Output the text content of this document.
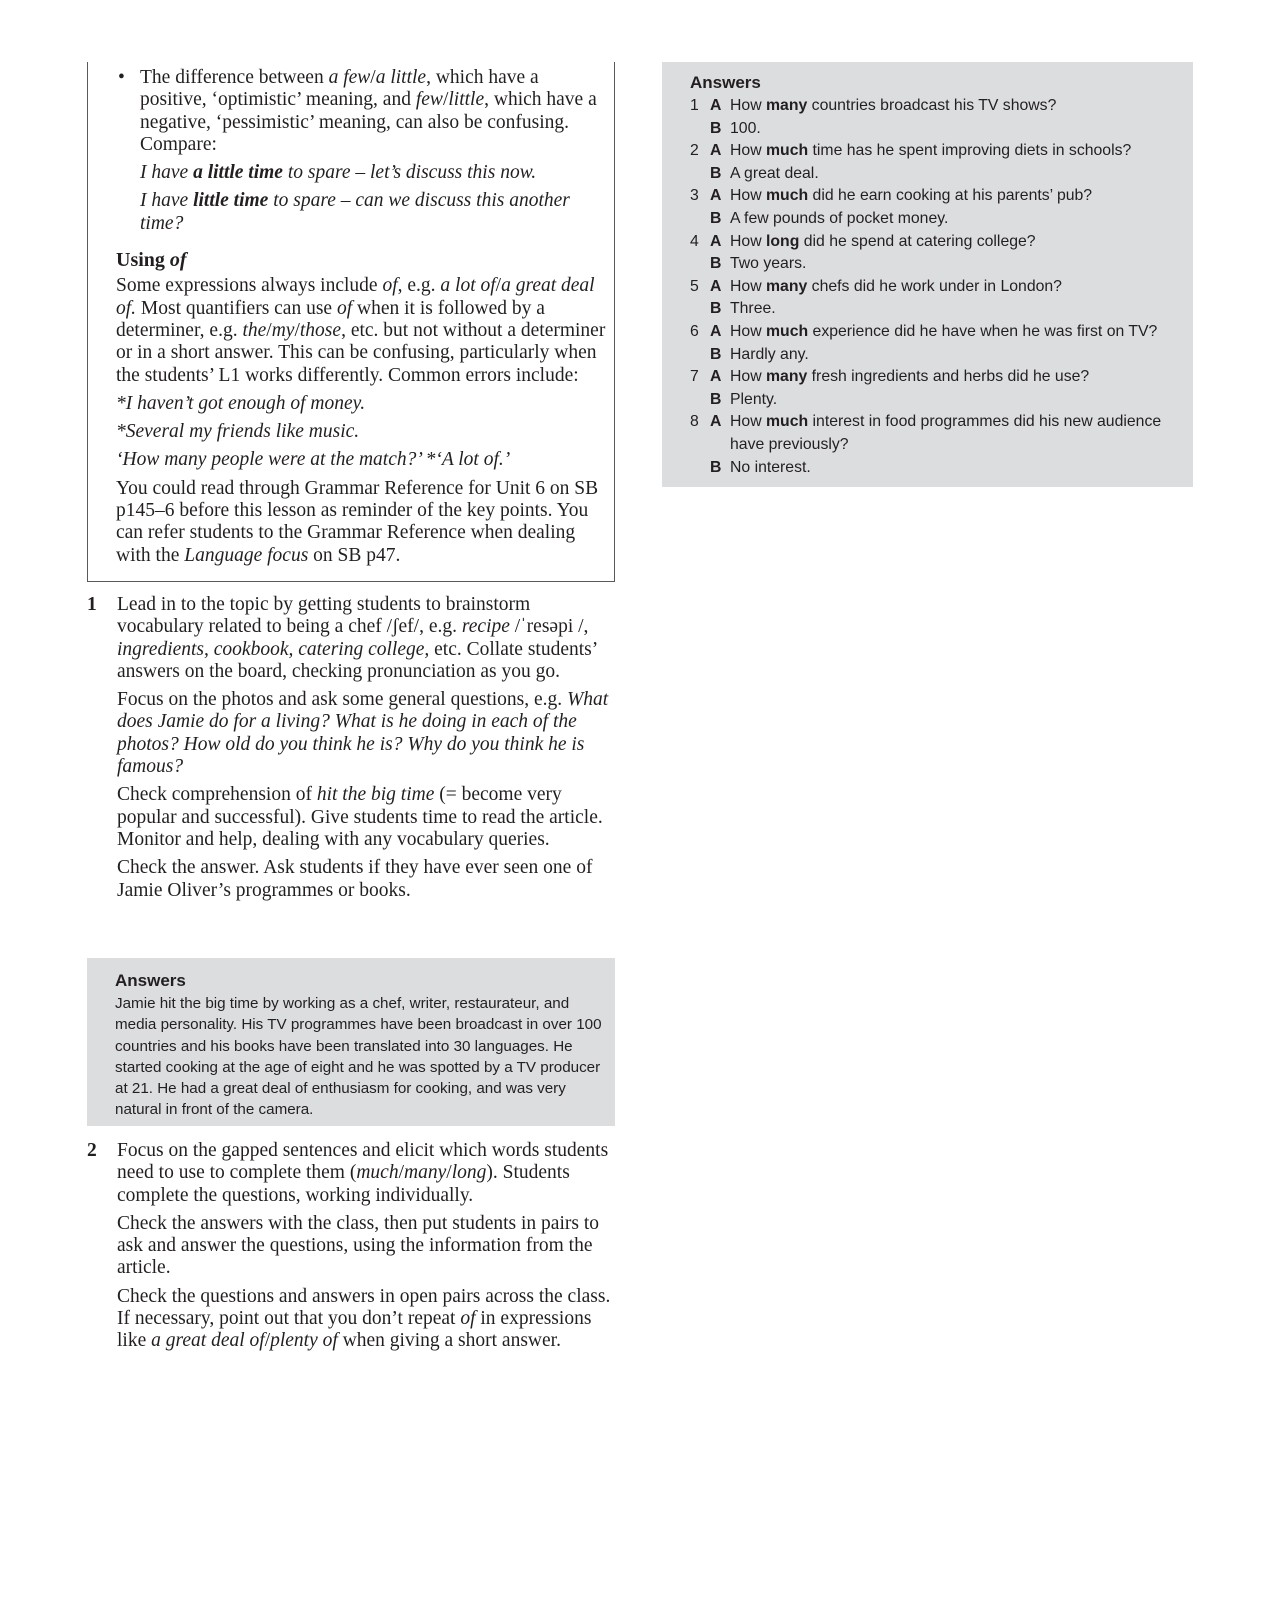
• The difference between a few/a little, which have a positive, ‘optimistic’ meaning, and few/little, which have a negative, ‘pessimistic’ meaning, can also be confusing. Compare:
I have a little time to spare – let’s discuss this now.
I have little time to spare – can we discuss this another time?
Using of
Some expressions always include of, e.g. a lot of/a great deal of. Most quantifiers can use of when it is followed by a determiner, e.g. the/my/those, etc. but not without a determiner or in a short answer. This can be confusing, particularly when the students’ L1 works differently. Common errors include:
*I haven’t got enough of money.
*Several my friends like music.
‘How many people were at the match?’ *‘A lot of.’
You could read through Grammar Reference for Unit 6 on SB p145–6 before this lesson as reminder of the key points. You can refer students to the Grammar Reference when dealing with the Language focus on SB p47.
1	Lead in to the topic by getting students to brainstorm vocabulary related to being a chef /ʃef/, e.g. recipe /ˈresəpi /, ingredients, cookbook, catering college, etc. Collate students’ answers on the board, checking pronunciation as you go.
Focus on the photos and ask some general questions, e.g. What does Jamie do for a living? What is he doing in each of the photos? How old do you think he is? Why do you think he is famous?
Check comprehension of hit the big time (= become very popular and successful). Give students time to read the article. Monitor and help, dealing with any vocabulary queries.
Check the answer. Ask students if they have ever seen one of Jamie Oliver’s programmes or books.
Answers

Jamie hit the big time by working as a chef, writer, restaurateur, and media personality. His TV programmes have been broadcast in over 100 countries and his books have been translated into 30 languages. He started cooking at the age of eight and he was spotted by a TV producer at 21. He had a great deal of enthusiasm for cooking, and was very natural in front of the camera.

2	Focus on the gapped sentences and elicit which words students need to use to complete them (much/many/long). Students complete the questions, working individually.
Check the answers with the class, then put students in pairs to ask and answer the questions, using the information from the article.
Check the questions and answers in open pairs across the class. If necessary, point out that you don’t repeat of in expressions like a great deal of/plenty of when giving a short answer.
Answers
1 A How many countries broadcast his TV shows?
B 100.
2 A How much time has he spent improving diets in schools?
B A great deal.
3 A How much did he earn cooking at his parents’ pub?
B A few pounds of pocket money.
4 A How long did he spend at catering college?
B Two years.
5 A How many chefs did he work under in London?
B Three.
6 A How much experience did he have when he was first on TV?
B Hardly any.
7 A How many fresh ingredients and herbs did he use?
B Plenty.
8 A How much interest in food programmes did his new audience have previously?
B No interest.
